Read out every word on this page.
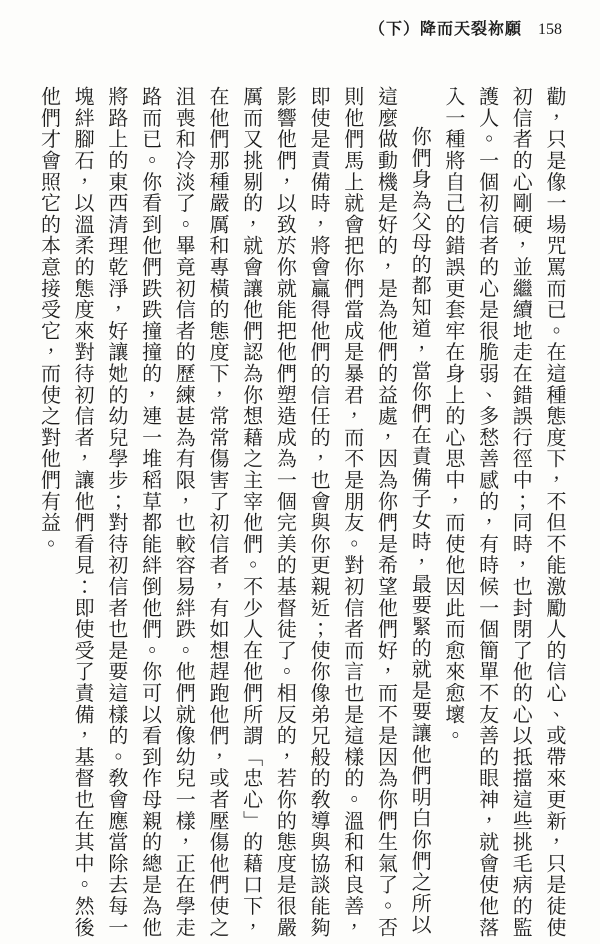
（下）降而天裂祢願 158

勸，只是像一場咒罵而已。在這種態度下，不但不能激勵人的信心、或帶來更新，只是徒使

初信者的心剛硬，並繼續地走在錯誤行徑中；同時，也封閉了他的心以抵擋這些挑毛病的監

護人。一個初信者的心是很脆弱、多愁善感的，有時候一個簡單不友善的眼神，就會使他落

入一種將自己的錯誤更套牢在身上的心思中，而使他因此而愈來愈壞。

你們身為父母的都知道，當你們在責備子女時，最要緊的就是要讓他們明白你們之所以

這麼做動機是好的，是為他們的益處，因為你們是希望他們好，而不是因為你們生氣了。否

則他們馬上就會把你們當成是暴君，而不是朋友。對初信者而言也是這樣的。溫和和良善，

即使是責備時，將會贏得他們的信任的，也會與你更親近；使你像弟兄般的敎導與協談能夠

影響他們，以致於你就能把他們塑造成為一個完美的基督徒了。相反的，若你的態度是很嚴

厲而又挑剔的，就會讓他們認為你想藉之主宰他們。不少人在他們所謂「忠心」的藉口下，

在他們那種嚴厲和專橫的態度下，常常傷害了初信者，有如想趕跑他們，或者壓傷他們使之

沮喪和冷淡了。畢竟初信者的歷練甚為有限，也較容易絆跌。他們就像幼兒一樣，正在學走

路而已。你看到他們跌跌撞撞的，連一堆稻草都能絆倒他們。你可以看到作母親的總是為他

將路上的東西清理乾淨，好讓她的幼兒學步；對待初信者也是要這樣的。敎會應當除去每一

塊絆腳石，以溫柔的態度來對待初信者，讓他們看見：即使受了責備，基督也在其中。然後

他們才會照它的本意接受它，而使之對他們有益。
